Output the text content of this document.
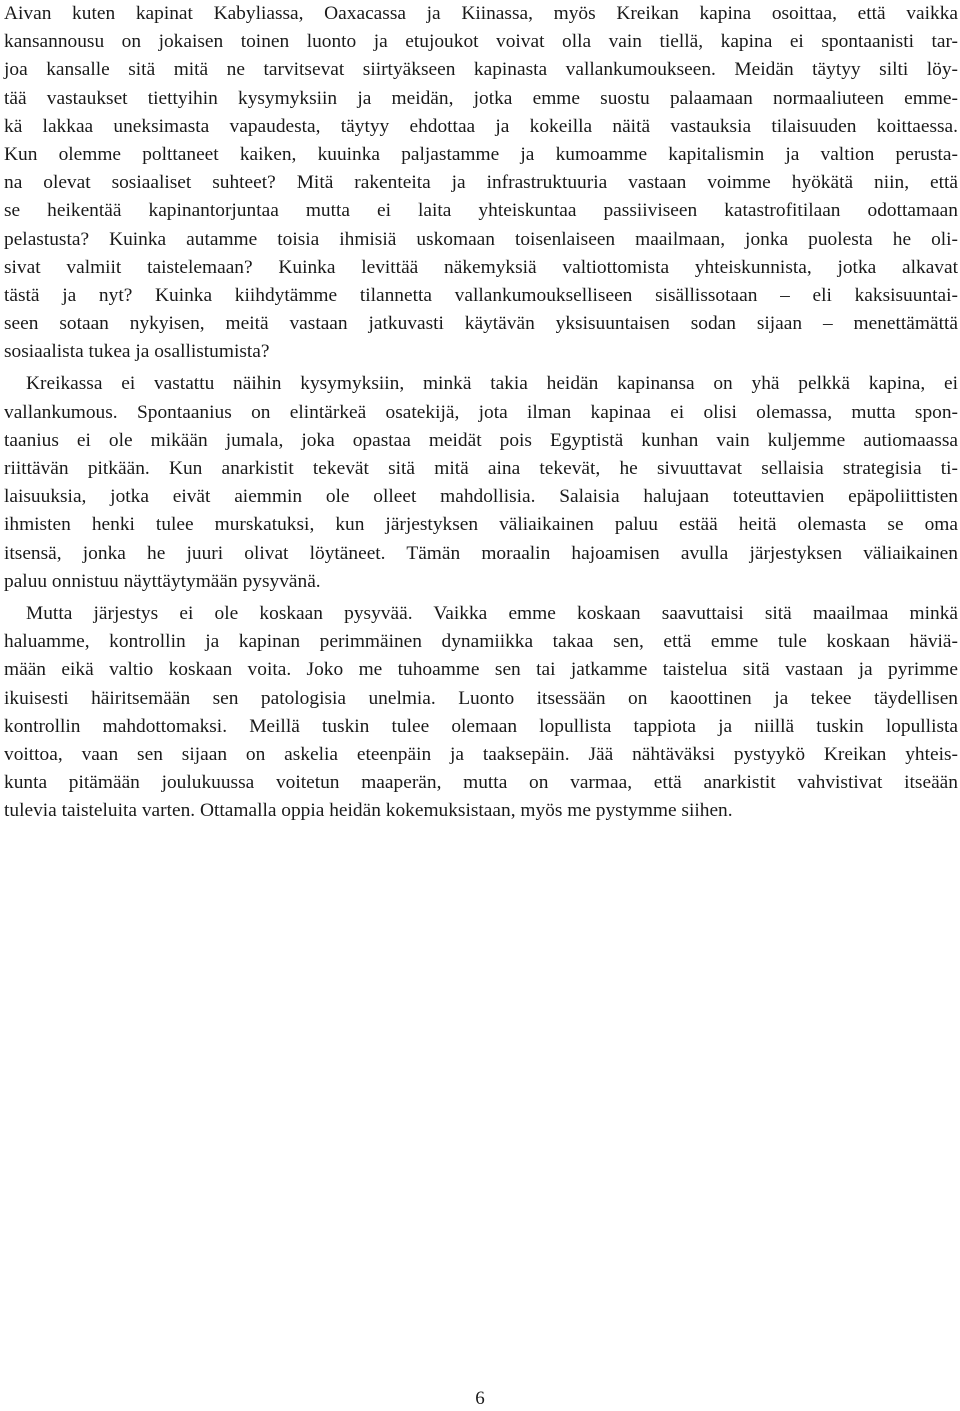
Aivan kuten kapinat Kabyliassa, Oaxacassa ja Kiinassa, myös Kreikan kapina osoittaa, että vaikka
kansannousu on jokaisen toinen luonto ja etujoukot voivat olla vain tiellä, kapina ei spontaanisti tar-
joa kansalle sitä mitä ne tarvitsevat siirtyäkseen kapinasta vallankumoukseen. Meidän täytyy silti löy-
tää vastaukset tiettyihin kysymyksiin ja meidän, jotka emme suostu palaamaan normaaliuteen emme-
kä lakkaa uneksimasta vapaudesta, täytyy ehdottaa ja kokeilla näitä vastauksia tilaisuuden koittaessa.
Kun olemme polttaneet kaiken, kuuinka paljastamme ja kumoamme kapitalismin ja valtion perusta-
na olevat sosiaaliset suhteet? Mitä rakenteita ja infrastruktuuria vastaan voimme hyökätä niin, että
se heikentää kapinantorjuntaa mutta ei laita yhteiskuntaa passiiviseen katastrofitilaan odottamaan
pelastusta? Kuinka autamme toisia ihmisiä uskomaan toisenlaiseen maailmaan, jonka puolesta he oli-
sivat valmiit taistelemaan? Kuinka levittää näkemyksiä valtiottomista yhteiskunnista, jotka alkavat
tästä ja nyt? Kuinka kiihdytämme tilannetta vallankumoukselliseen sisällissotaan – eli kaksisuuntai-
seen sotaan nykyisen, meitä vastaan jatkuvasti käytävän yksisuuntaisen sodan sijaan – menettämättä
sosiaalista tukea ja osallistumista?
Kreikassa ei vastattu näihin kysymyksiin, minkä takia heidän kapinansa on yhä pelkkä kapina, ei
vallankumous. Spontaanius on elintärkeä osatekijä, jota ilman kapinaa ei olisi olemassa, mutta spon-
taanius ei ole mikään jumala, joka opastaa meidät pois Egyptistä kunhan vain kuljemme autiomaassa
riittävän pitkään. Kun anarkistit tekevät sitä mitä aina tekevät, he sivuuttavat sellaisia strategisia ti-
laisuuksia, jotka eivät aiemmin ole olleet mahdollisia. Salaisia halujaan toteuttavien epäpoliittisten
ihmisten henki tulee murskatuksi, kun järjestyksen väliaikainen paluu estää heitä olemasta se oma
itsensä, jonka he juuri olivat löytäneet. Tämän moraalin hajoamisen avulla järjestyksen väliaikainen
paluu onnistuu näyttäytymään pysyvänä.
Mutta järjestys ei ole koskaan pysyvää. Vaikka emme koskaan saavuttaisi sitä maailmaa minkä
haluamme, kontrollin ja kapinan perimmäinen dynamiikka takaa sen, että emme tule koskaan häviä-
mään eikä valtio koskaan voita. Joko me tuhoamme sen tai jatkamme taistelua sitä vastaan ja pyrimme
ikuisesti häiritsemään sen patologisia unelmia. Luonto itsessään on kaoottinen ja tekee täydellisen
kontrollin mahdottomaksi. Meillä tuskin tulee olemaan lopullista tappiota ja niillä tuskin lopullista
voittoa, vaan sen sijaan on askelia eteenpäin ja taaksepäin. Jää nähtäväksi pystyykö Kreikan yhteis-
kunta pitämään joulukuussa voitetun maaperän, mutta on varmaa, että anarkistit vahvistivat itseään
tulevia taisteluita varten. Ottamalla oppia heidän kokemuksistaan, myös me pystymme siihen.
6
